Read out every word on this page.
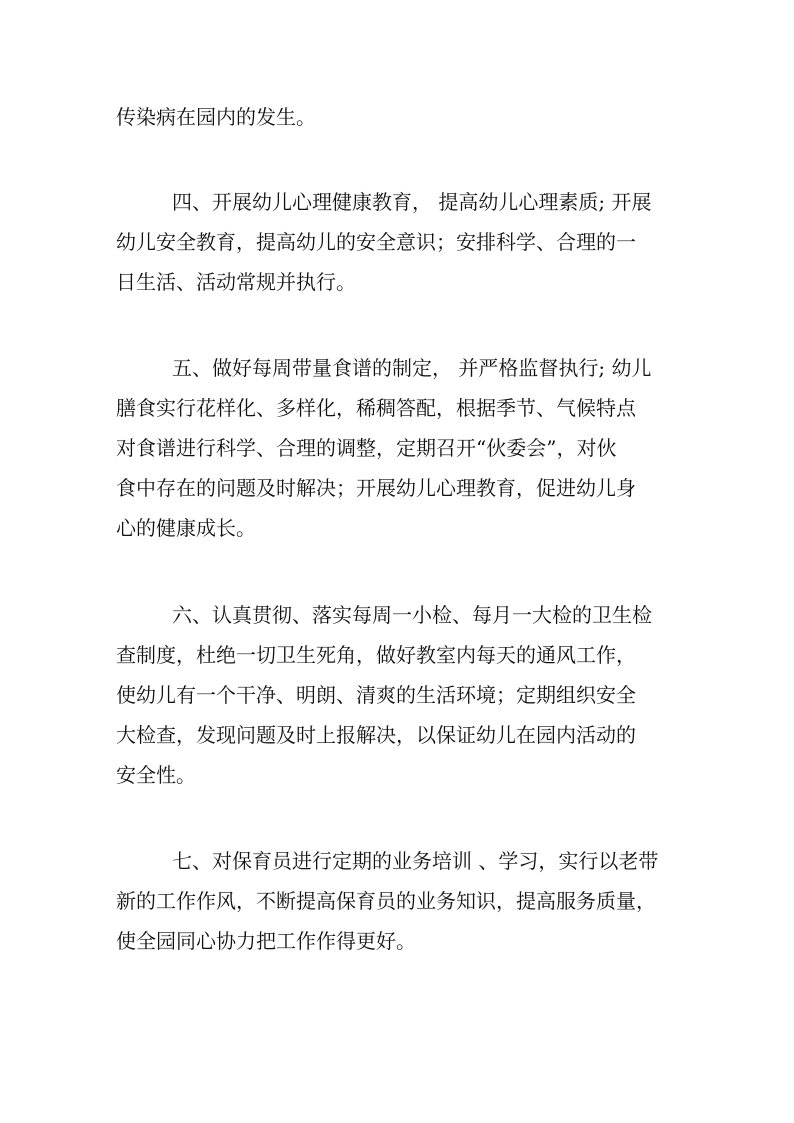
传染病在园内的发生。
四、开展幼儿心理健康教育， 提高幼儿心理素质; 开展
幼儿安全教育，提高幼儿的安全意识；安排科学、合理的一
日生活、活动常规并执行。
五、做好每周带量食谱的制定， 并严格监督执行; 幼儿
膳食实行花样化、多样化，稀稠答配，根据季节、气候特点
对食谱进行科学、合理的调整，定期召开“伙委会”，对伙
食中存在的问题及时解决；开展幼儿心理教育，促进幼儿身
心的健康成长。
六、认真贯彻、落实每周一小检、每月一大检的卫生检
查制度，杜绝一切卫生死角，做好教室内每天的通风工作，
使幼儿有一个干净、明朗、清爽的生活环境；定期组织安全
大检查，发现问题及时上报解决，以保证幼儿在园内活动的
安全性。
七、对保育员进行定期的业务培训 、学习，实行以老带
新的工作作风，不断提高保育员的业务知识，提高服务质量，
使全园同心协力把工作作得更好。
